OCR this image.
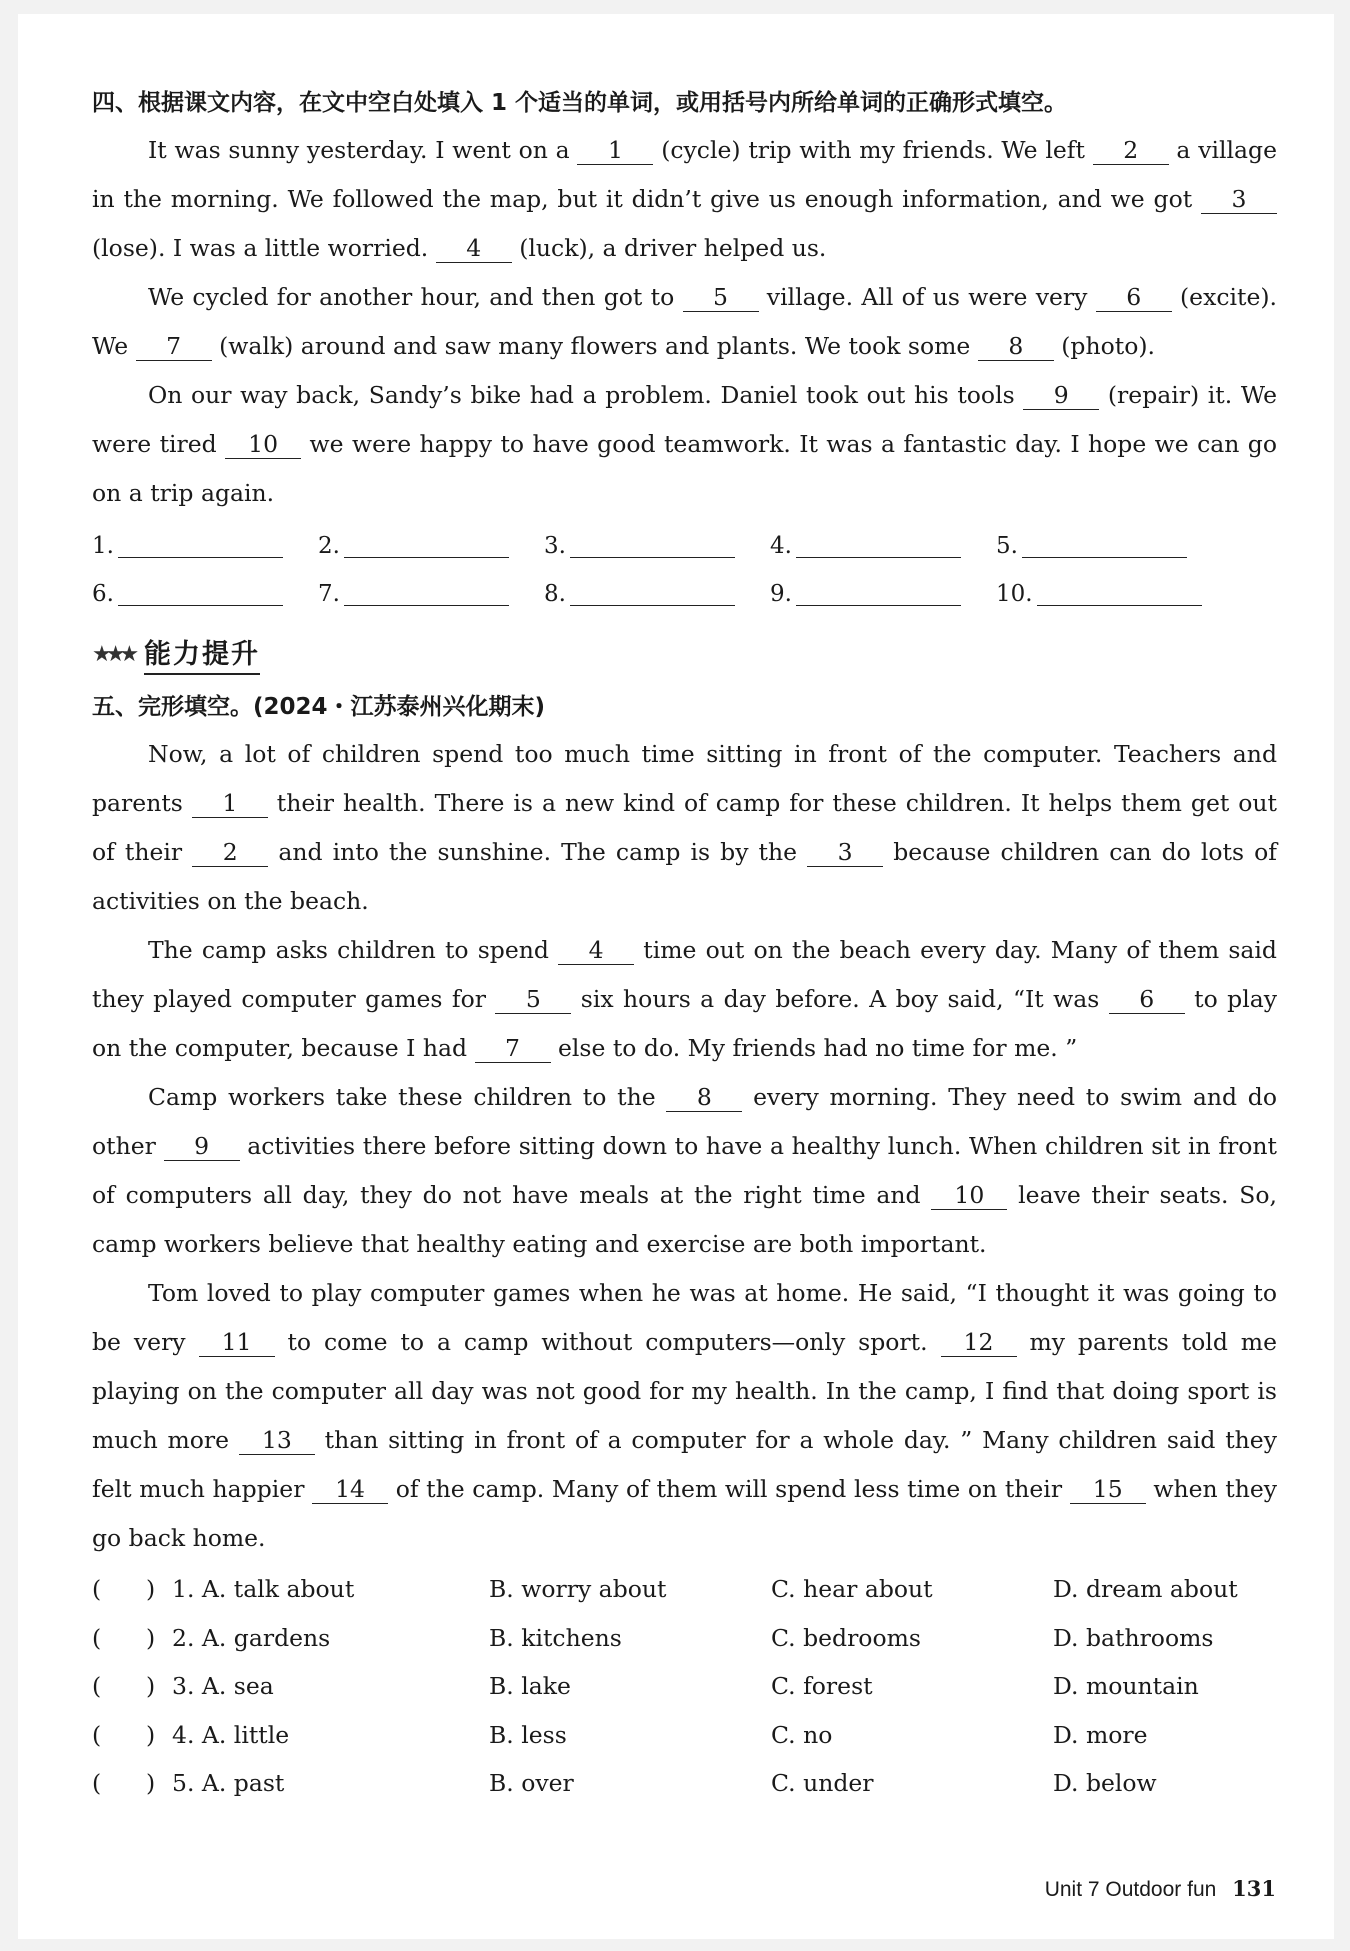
四、根据课文内容，在文中空白处填入 1 个适当的单词，或用括号内所给单词的正确形式填空。

It was sunny yesterday. I went on a 1 (cycle) trip with my friends. We left 2 a village in the morning. We followed the map, but it didn’t give us enough information, and we got 3 (lose). I was a little worried. 4 (luck), a driver helped us.

We cycled for another hour, and then got to 5 village. All of us were very 6 (excite). We 7 (walk) around and saw many flowers and plants. We took some 8 (photo).

On our way back, Sandy’s bike had a problem. Daniel took out his tools 9 (repair) it. We were tired 10 we were happy to have good teamwork. It was a fantastic day. I hope we can go on a trip again.

1.	2.	3.	4.	5.
6.	7.	8.	9.	10.
★★★ 能力提升
五、完形填空。(2024・江苏泰州兴化期末)

Now, a lot of children spend too much time sitting in front of the computer. Teachers and parents 1 their health. There is a new kind of camp for these children. It helps them get out of their 2 and into the sunshine. The camp is by the 3 because children can do lots of activities on the beach.

The camp asks children to spend 4 time out on the beach every day. Many of them said they played computer games for 5 six hours a day before. A boy said, “It was 6 to play on the computer, because I had 7 else to do. My friends had no time for me. ”

Camp workers take these children to the 8 every morning. They need to swim and do other 9 activities there before sitting down to have a healthy lunch. When children sit in front of computers all day, they do not have meals at the right time and 10 leave their seats. So, camp workers believe that healthy eating and exercise are both important.

Tom loved to play computer games when he was at home. He said, “I thought it was going to be very 11 to come to a camp without computers—only sport. 12 my parents told me playing on the computer all day was not good for my health. In the camp, I find that doing sport is much more 13 than sitting in front of a computer for a whole day. ” Many children said they felt much happier 14 of the camp. Many of them will spend less time on their 15 when they go back home.

(      ) 1. A. talk about	B. worry about	C. hear about	D. dream about
(      ) 2. A. gardens	B. kitchens	C. bedrooms	D. bathrooms
(      ) 3. A. sea	B. lake	C. forest	D. mountain
(      ) 4. A. little	B. less	C. no	D. more
(      ) 5. A. past	B. over	C. under	D. below
Unit 7 Outdoor fun 131
